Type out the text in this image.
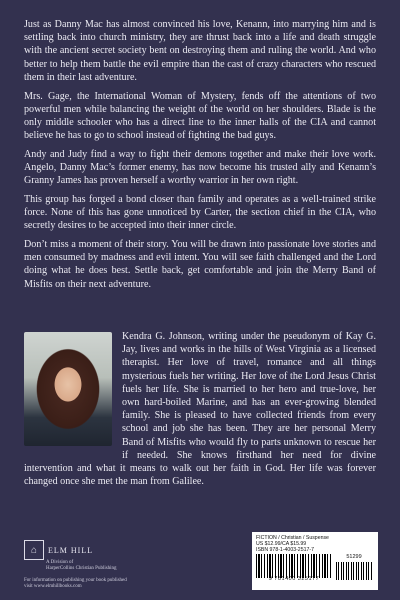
Just as Danny Mac has almost convinced his love, Kenann, into marrying him and is settling back into church ministry, they are thrust back into a life and death struggle with the ancient secret society bent on destroying them and ruling the world. And who better to help them battle the evil empire than the cast of crazy characters who rescued them in their last adventure.

Mrs. Gage, the International Woman of Mystery, fends off the attentions of two powerful men while balancing the weight of the world on her shoulders. Blade is the only middle schooler who has a direct line to the inner halls of the CIA and cannot believe he has to go to school instead of fighting the bad guys.

Andy and Judy find a way to fight their demons together and make their love work. Angelo, Danny Mac’s former enemy, has now become his trusted ally and Kenann’s Granny James has proven herself a worthy warrior in her own right.

This group has forged a bond closer than family and operates as a well-trained strike force. None of this has gone unnoticed by Carter, the section chief in the CIA, who secretly desires to be accepted into their inner circle.

Don’t miss a moment of their story. You will be drawn into passionate love stories and men consumed by madness and evil intent. You will see faith challenged and the Lord doing what he does best. Settle back, get comfortable and join the Merry Band of Misfits on their next adventure.

Kendra G. Johnson, writing under the pseudonym of Kay G. Jay, lives and works in the hills of West Virginia as a licensed therapist. Her love of travel, romance and all things mysterious fuels her writing. Her love of the Lord Jesus Christ fuels her life. She is married to her hero and true-love, her own hard-boiled Marine, and has an ever-growing blended family. She is pleased to have collected friends from every school and job she has been. They are her personal Merry Band of Misfits who would fly to parts unknown to rescue her if needed. She knows firsthand her need for divine intervention and what it means to walk out her faith in God. Her life was forever changed once she met the man from Galilee.

⌂	ELM HILL
A Division of
HarperCollins Christian Publishing
For information on publishing your book published
visit www.elmhillbooks.com
FICTION / Christian / Suspense
US $12.99/CA $15.99
ISBN 978-1-4003-2517-7
9 781400 325177
51299
